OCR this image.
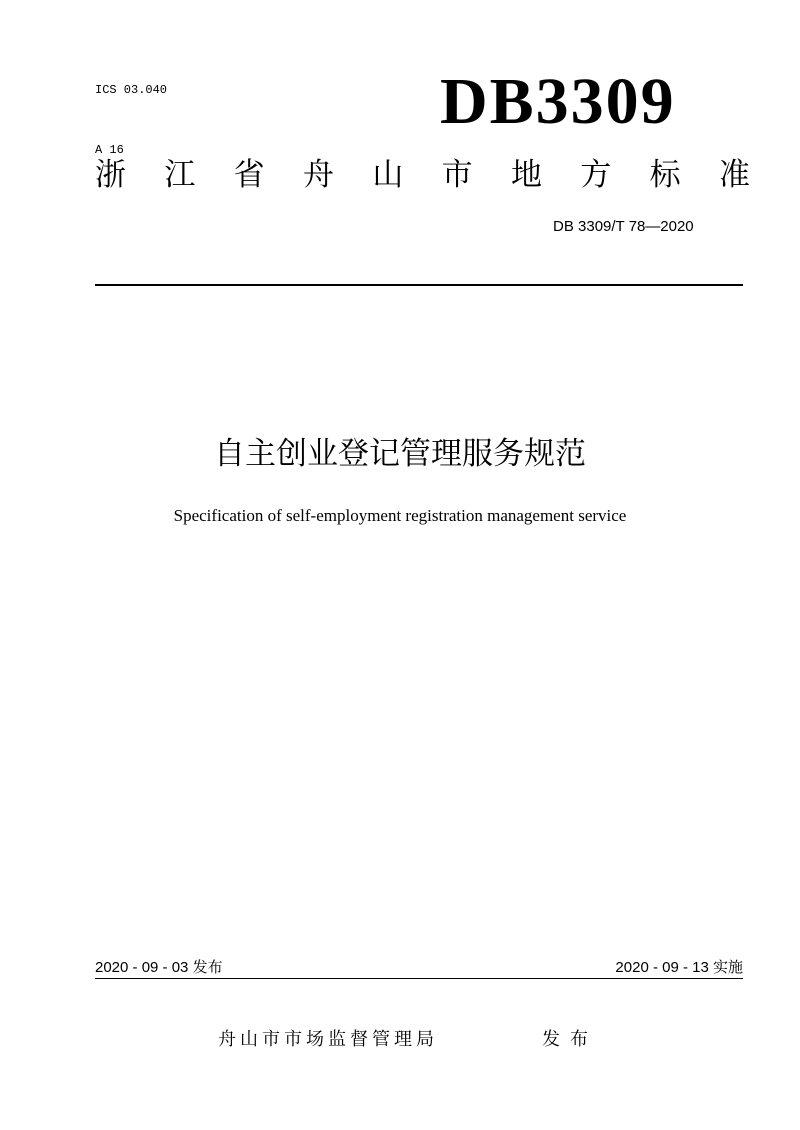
ICS 03.040

A 16

DB3309
浙 江 省 舟 山 市 地 方 标 准
DB 3309/T 78—2020
自主创业登记管理服务规范
Specification of self-employment registration management service
2020 - 09 - 03 发布	2020 - 09 - 13 实施
舟山市市场监督管理局	发布
